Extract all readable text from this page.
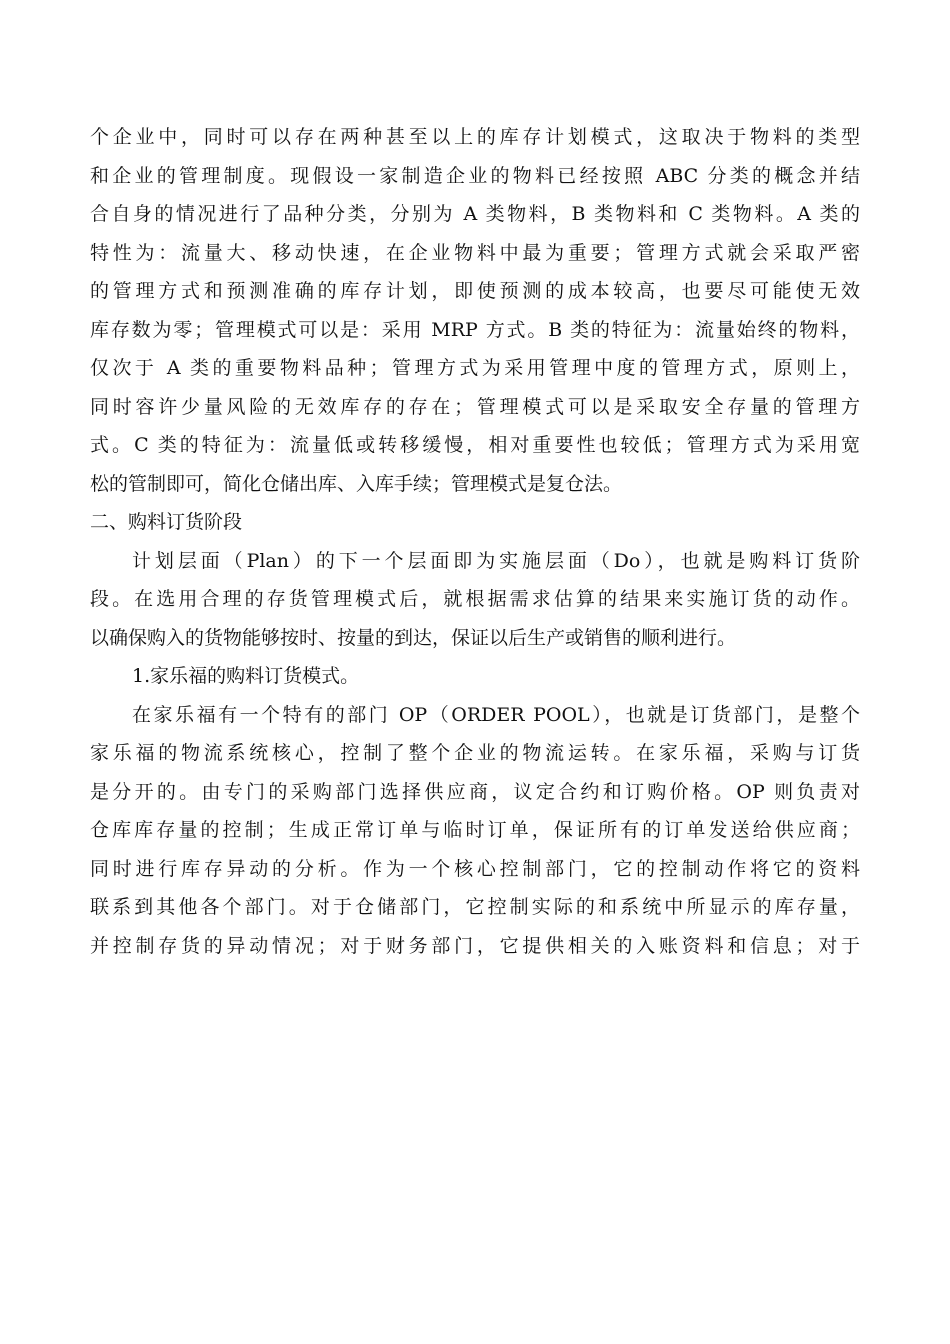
个企业中，同时可以存在两种甚至以上的库存计划模式，这取决于物料的类型
和企业的管理制度。现假设一家制造企业的物料已经按照 ABC 分类的概念并结
合自身的情况进行了品种分类，分别为 A 类物料，B 类物料和 C 类物料。A 类的
特性为：流量大、移动快速，在企业物料中最为重要；管理方式就会采取严密
的管理方式和预测准确的库存计划，即使预测的成本较高，也要尽可能使无效
库存数为零；管理模式可以是：采用 MRP 方式。B 类的特征为：流量始终的物料，
仅次于 A 类的重要物料品种；管理方式为采用管理中度的管理方式，原则上，
同时容许少量风险的无效库存的存在；管理模式可以是采取安全存量的管理方
式。C 类的特征为：流量低或转移缓慢，相对重要性也较低；管理方式为采用宽
松的管制即可，简化仓储出库、入库手续；管理模式是复仓法。
二、购料订货阶段
计划层面（Plan）的下一个层面即为实施层面（Do），也就是购料订货阶
段。在选用合理的存货管理模式后，就根据需求估算的结果来实施订货的动作。
以确保购入的货物能够按时、按量的到达，保证以后生产或销售的顺利进行。
1.家乐福的购料订货模式。
在家乐福有一个特有的部门 OP（ORDER POOL），也就是订货部门，是整个
家乐福的物流系统核心，控制了整个企业的物流运转。在家乐福，采购与订货
是分开的。由专门的采购部门选择供应商，议定合约和订购价格。OP 则负责对
仓库库存量的控制；生成正常订单与临时订单，保证所有的订单发送给供应商；
同时进行库存异动的分析。作为一个核心控制部门，它的控制动作将它的资料
联系到其他各个部门。对于仓储部门，它控制实际的和系统中所显示的库存量，
并控制存货的异动情况；对于财务部门，它提供相关的入账资料和信息；对于
